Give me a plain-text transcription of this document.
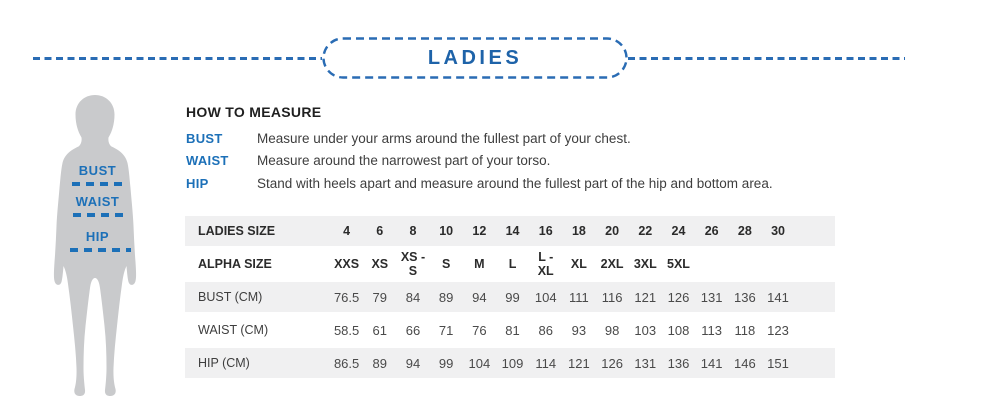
LADIES
BUST
WAIST
HIP
HOW TO MEASURE
BUST	Measure under your arms around the fullest part of your chest.
WAIST	Measure around the narrowest part of your torso.
HIP	Stand with heels apart and measure around the fullest part of the hip and bottom area.
LADIES SIZE	4	6	8	10	12	14	16	18	20	22	24	26	28	30
ALPHA SIZE	XXS XS	XS - S	S	M	L	L - XL	XL	2XL 3XL 5XL
BUST (CM)	76.5	79	84	89	94	99	104 111 116 121 126 131 136 141
WAIST (CM)	58.5	61	66	71	76	81	86	93	98	103 108 113 118 123
HIP (CM)	86.5	89	94	99	104 109 114 121 126 131 136 141 146 151
